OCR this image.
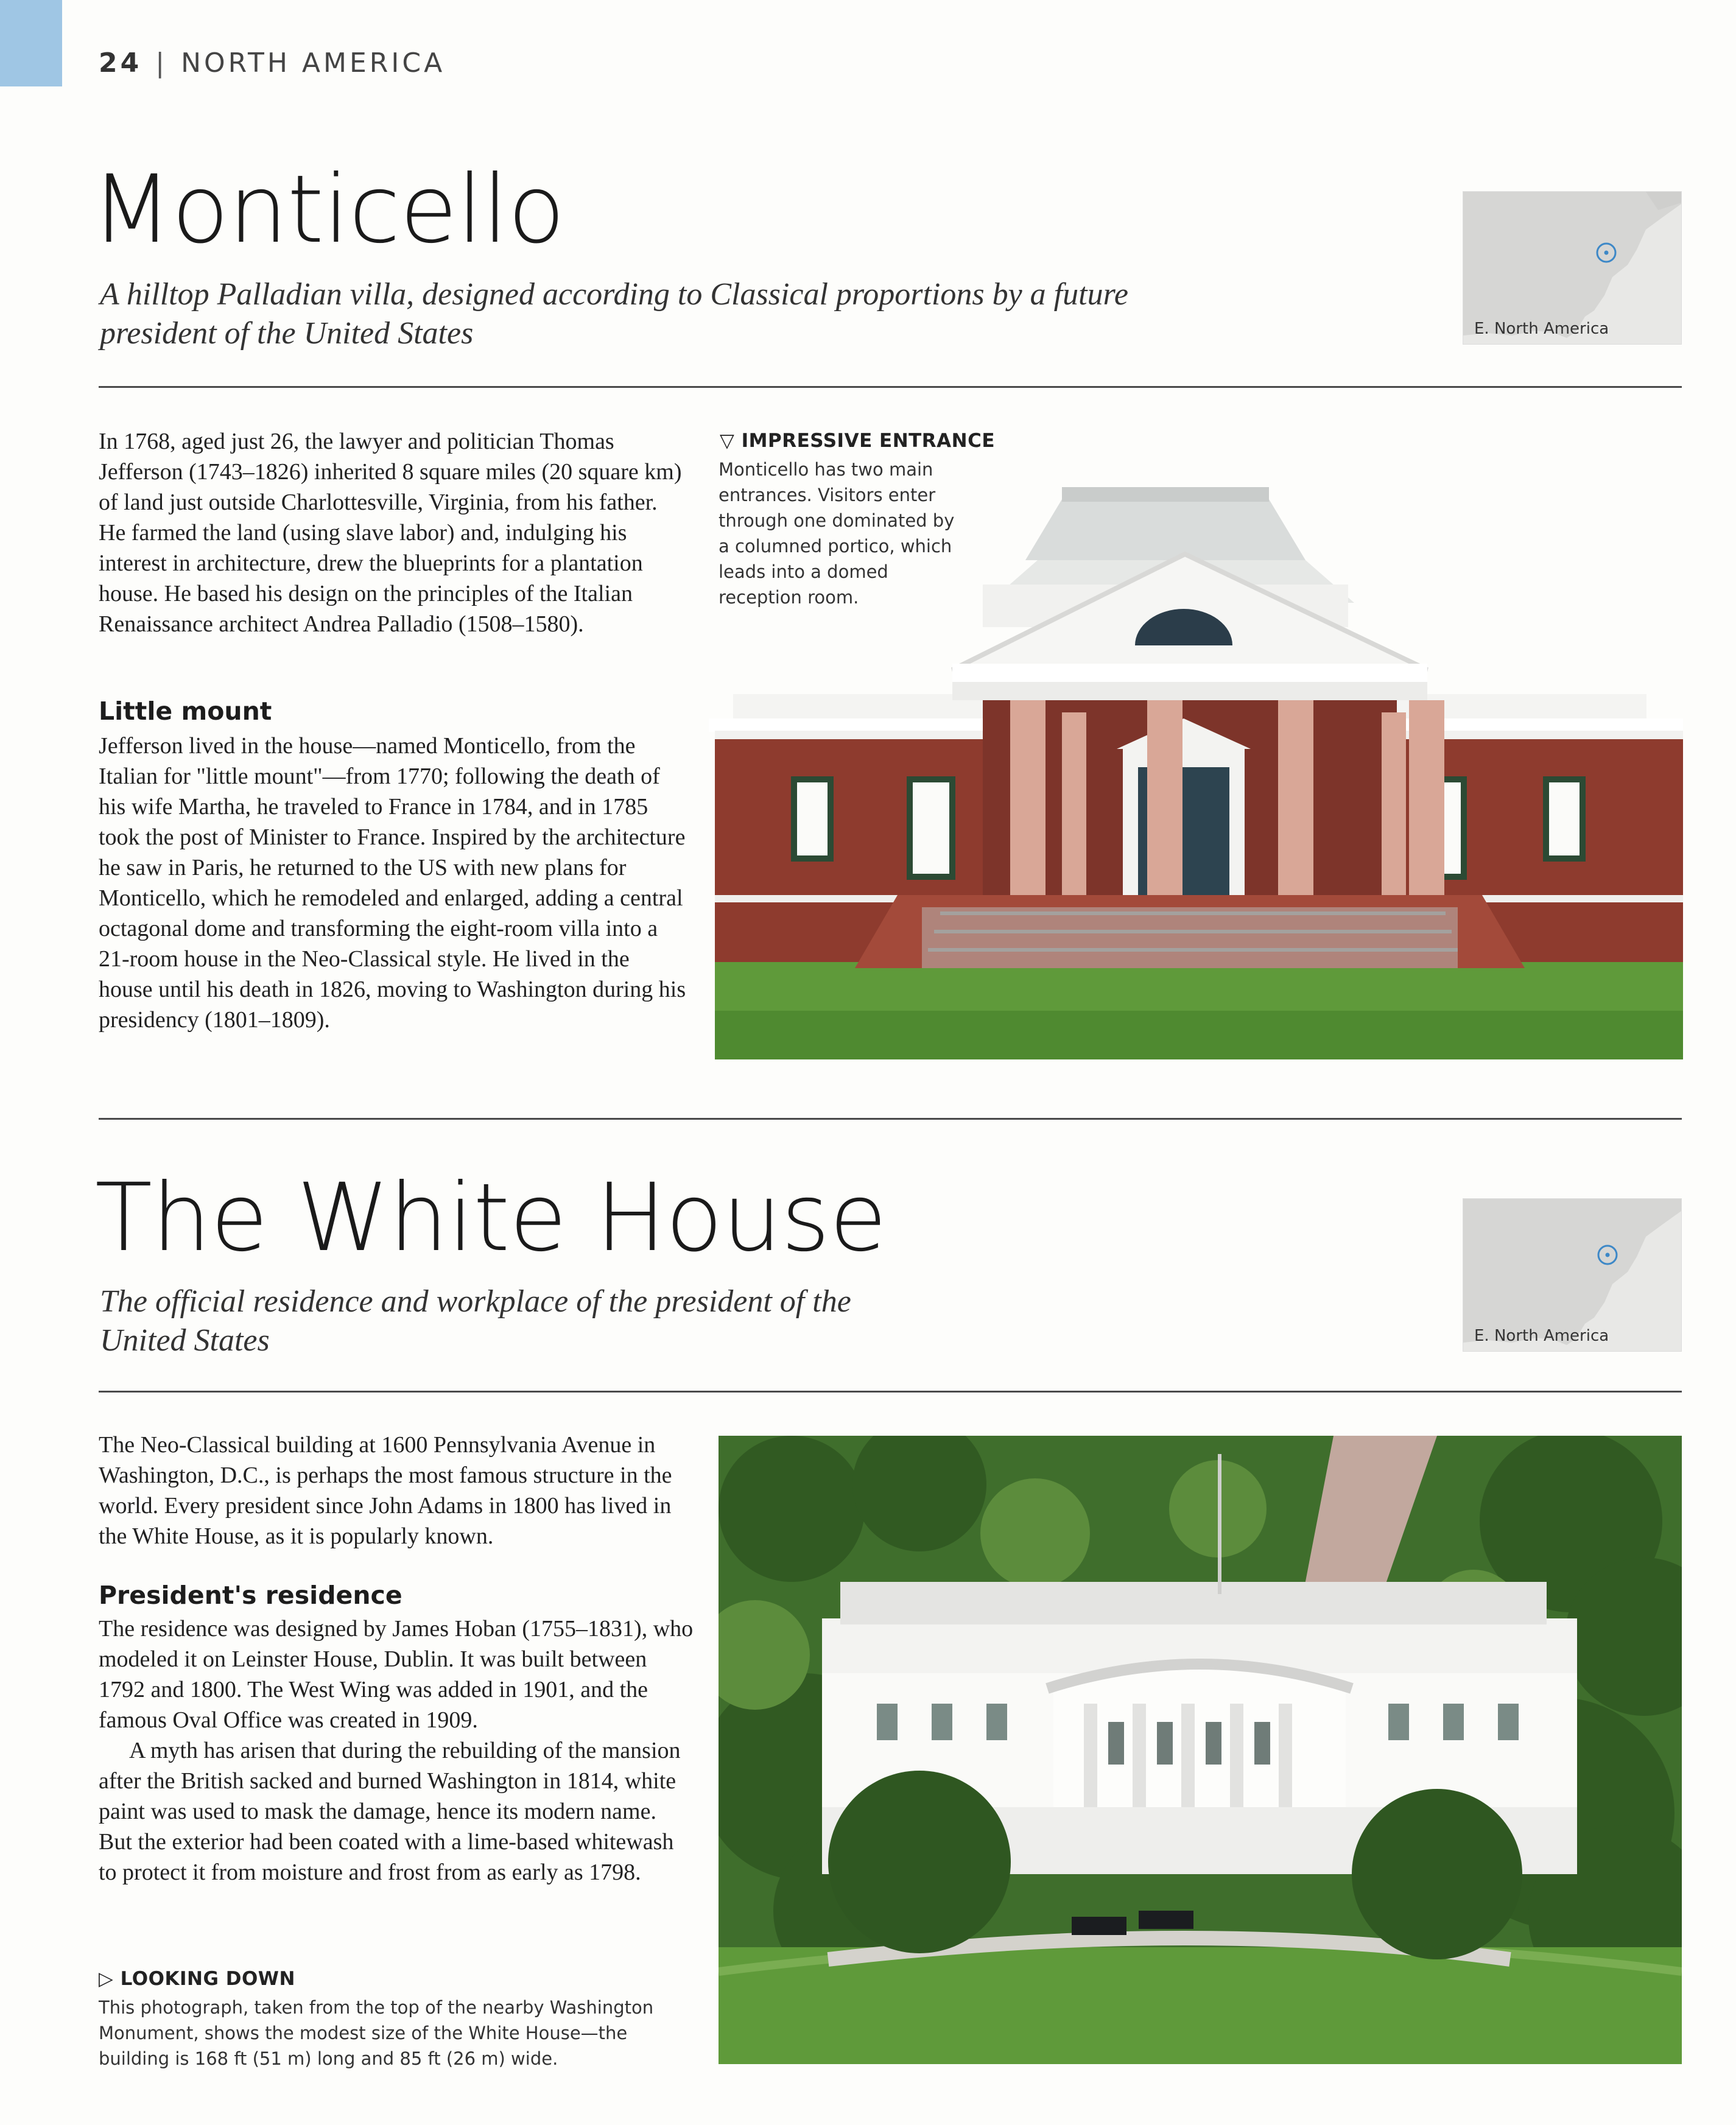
24 | NORTH AMERICA
Monticello
A hilltop Palladian villa, designed according to Classical proportions by a future president of the United States	E. North America

In 1768, aged just 26, the lawyer and politician Thomas Jefferson (1743–1826) inherited 8 square miles (20 square km) of land just outside Charlottesville, Virginia, from his father. He farmed the land (using slave labor) and, indulging his interest in architecture, drew the blueprints for a plantation house. He based his design on the principles of the Italian Renaissance architect Andrea Palladio (1508–1580).

Little mount

Jefferson lived in the house—named Monticello, from the Italian for "little mount"—from 1770; following the death of his wife Martha, he traveled to France in 1784, and in 1785 took the post of Minister to France. Inspired by the architecture he saw in Paris, he returned to the US with new plans for Monticello, which he remodeled and enlarged, adding a central octagonal dome and transforming the eight-room villa into a 21-room house in the Neo-Classical style. He lived in the house until his death in 1826, moving to Washington during his presidency (1801–1809).

▽ IMPRESSIVE ENTRANCE
Monticello has two main entrances. Visitors enter through one dominated by a columned portico, which leads into a domed reception room.
The White House
The official residence and workplace of the president of the United States	E. North America

The Neo-Classical building at 1600 Pennsylvania Avenue in Washington, D.C., is perhaps the most famous structure in the world. Every president since John Adams in 1800 has lived in the White House, as it is popularly known.

President's residence

The residence was designed by James Hoban (1755–1831), who modeled it on Leinster House, Dublin. It was built between 1792 and 1800. The West Wing was added in 1901, and the famous Oval Office was created in 1909.

A myth has arisen that during the rebuilding of the mansion after the British sacked and burned Washington in 1814, white paint was used to mask the damage, hence its modern name. But the exterior had been coated with a lime-based whitewash to protect it from moisture and frost from as early as 1798.

▷ LOOKING DOWN
This photograph, taken from the top of the nearby Washington Monument, shows the modest size of the White House—the building is 168 ft (51 m) long and 85 ft (26 m) wide.
